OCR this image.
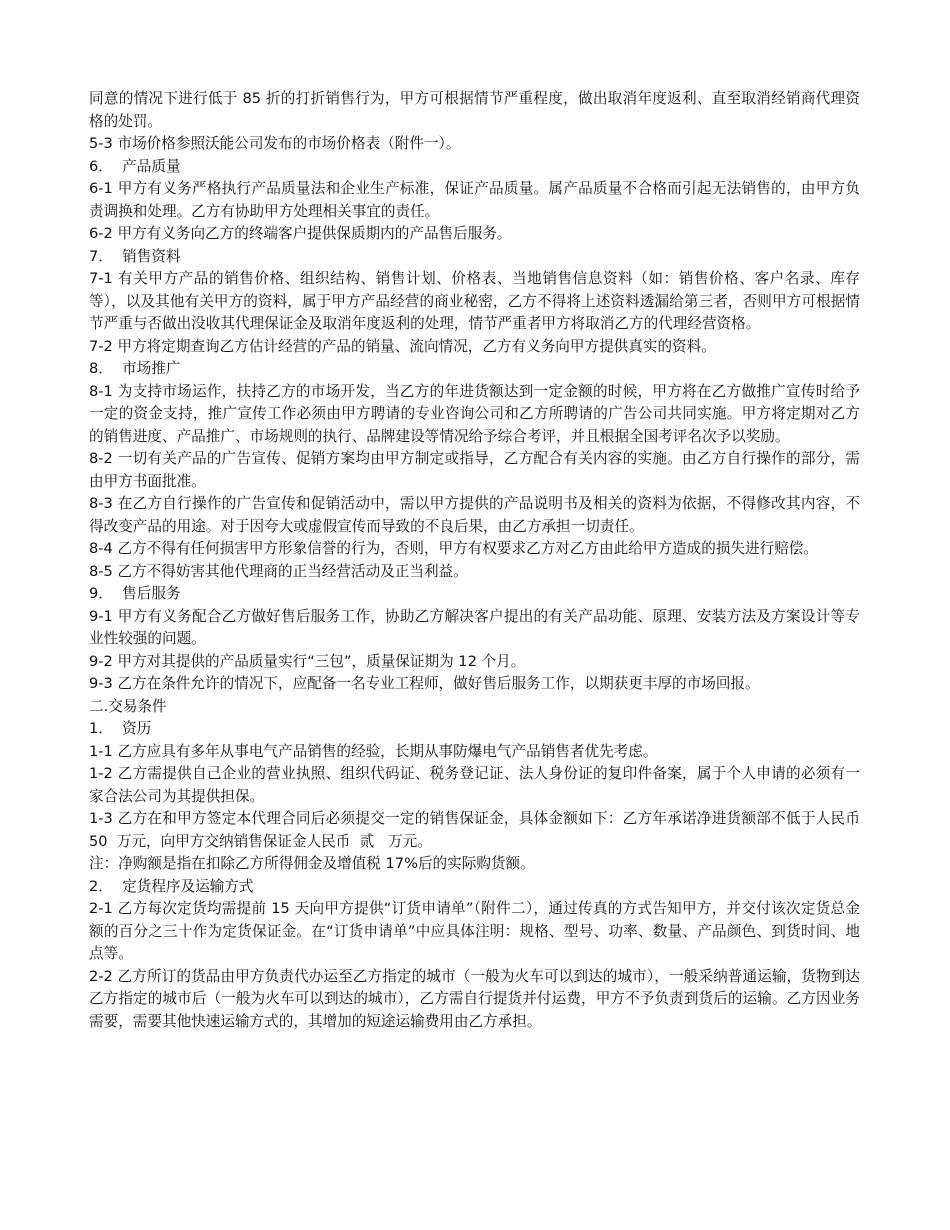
同意的情况下进行低于 85 折的打折销售行为，甲方可根据情节严重程度，做出取消年度返利、直至取消经销商代理资格的处罚。

5-3 市场价格参照沃能公司发布的市场价格表（附件一）。

6．  产品质量

6-1 甲方有义务严格执行产品质量法和企业生产标准，保证产品质量。属产品质量不合格而引起无法销售的，由甲方负责调换和处理。乙方有协助甲方处理相关事宜的责任。

6-2 甲方有义务向乙方的终端客户提供保质期内的产品售后服务。

7．  销售资料

7-1 有关甲方产品的销售价格、组织结构、销售计划、价格表、当地销售信息资料（如：销售价格、客户名录、库存等），以及其他有关甲方的资料，属于甲方产品经营的商业秘密，乙方不得将上述资料透漏给第三者，否则甲方可根据情节严重与否做出没收其代理保证金及取消年度返利的处理，情节严重者甲方将取消乙方的代理经营资格。

7-2 甲方将定期查询乙方估计经营的产品的销量、流向情况，乙方有义务向甲方提供真实的资料。

8．  市场推广

8-1 为支持市场运作，扶持乙方的市场开发，当乙方的年进货额达到一定金额的时候，甲方将在乙方做推广宣传时给予一定的资金支持，推广宣传工作必须由甲方聘请的专业咨询公司和乙方所聘请的广告公司共同实施。甲方将定期对乙方的销售进度、产品推广、市场规则的执行、品牌建设等情况给予综合考评，并且根据全国考评名次予以奖励。

8-2 一切有关产品的广告宣传、促销方案均由甲方制定或指导，乙方配合有关内容的实施。由乙方自行操作的部分，需由甲方书面批准。

8-3 在乙方自行操作的广告宣传和促销活动中，需以甲方提供的产品说明书及相关的资料为依据，不得修改其内容，不得改变产品的用途。对于因夸大或虚假宣传而导致的不良后果，由乙方承担一切责任。

8-4 乙方不得有任何损害甲方形象信誉的行为，否则，甲方有权要求乙方对乙方由此给甲方造成的损失进行赔偿。

8-5 乙方不得妨害其他代理商的正当经营活动及正当利益。

9．  售后服务

9-1 甲方有义务配合乙方做好售后服务工作，协助乙方解决客户提出的有关产品功能、原理、安装方法及方案设计等专业性较强的问题。

9-2 甲方对其提供的产品质量实行“三包”，质量保证期为 12 个月。

9-3 乙方在条件允许的情况下，应配备一名专业工程师，做好售后服务工作，以期获更丰厚的市场回报。

二.交易条件

1．  资历

1-1 乙方应具有多年从事电气产品销售的经验，长期从事防爆电气产品销售者优先考虑。

1-2 乙方需提供自己企业的营业执照、组织代码证、税务登记证、法人身份证的复印件备案，属于个人申请的必须有一家合法公司为其提供担保。

1-3 乙方在和甲方签定本代理合同后必须提交一定的销售保证金，具体金额如下：乙方年承诺净进货额部不低于人民币  50  万元，向甲方交纳销售保证金人民币  贰   万元。

注：净购额是指在扣除乙方所得佣金及增值税 17%后的实际购货额。

2．  定货程序及运输方式

2-1 乙方每次定货均需提前 15 天向甲方提供“订货申请单”（附件二），通过传真的方式告知甲方，并交付该次定货总金额的百分之三十作为定货保证金。在“订货申请单”中应具体注明：规格、型号、功率、数量、产品颜色、到货时间、地点等。

2-2 乙方所订的货品由甲方负责代办运至乙方指定的城市（一般为火车可以到达的城市），一般采纳普通运输，货物到达乙方指定的城市后（一般为火车可以到达的城市），乙方需自行提货并付运费，甲方不予负责到货后的运输。乙方因业务需要，需要其他快速运输方式的，其增加的短途运输费用由乙方承担。
